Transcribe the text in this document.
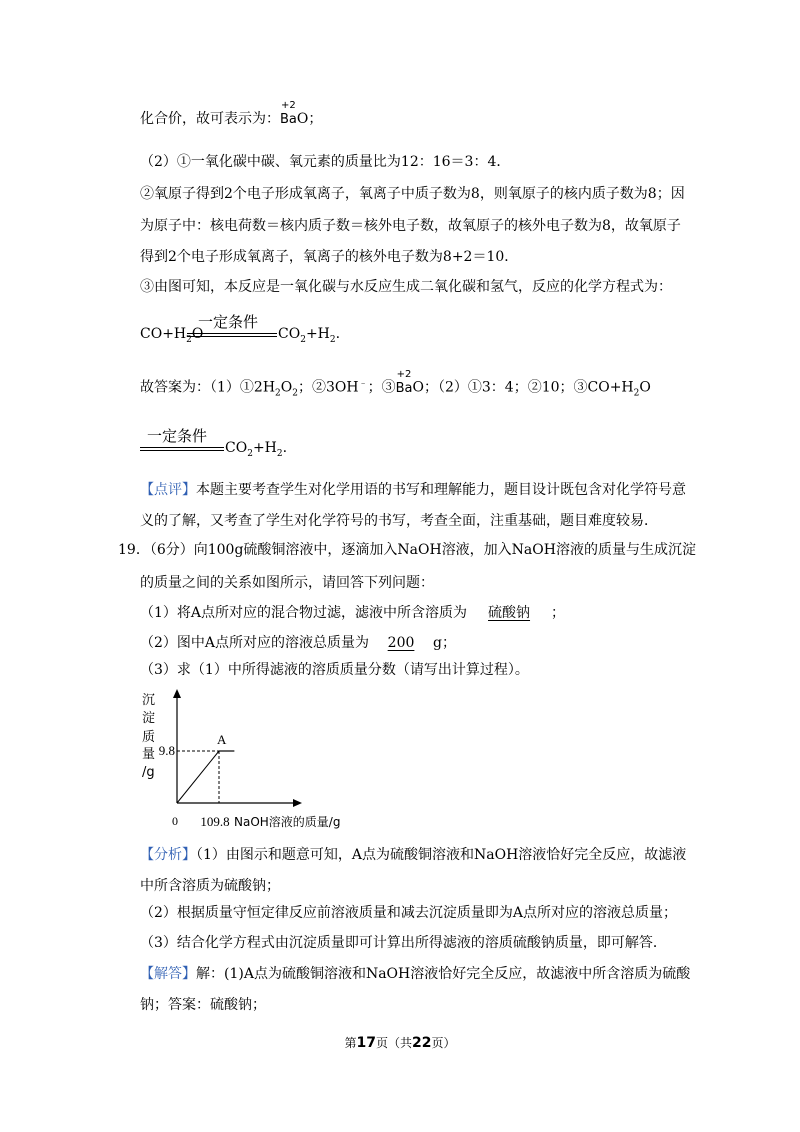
化合价，故可表示为：
+2
BaO；
（2）①一氧化碳中碳、氧元素的质量比为12：16＝3：4．
②氧原子得到2个电子形成氧离子，氧离子中质子数为8，则氧原子的核内质子数为8；因
为原子中：核电荷数＝核内质子数＝核外电子数，故氧原子的核外电子数为8，故氧原子
得到2个电子形成氧离子，氧离子的核外电子数为8+2＝10．
③由图可知，本反应是一氧化碳与水反应生成二氧化碳和氢气，反应的化学方程式为：
一定条件
$CO+H_2O$	$CO_2+H_2$.
故答案为：$(1)①2H_2O_2$；②3OH﹣；③
+2
BaO；（2）①3：4；②10；$③CO+H_2O$
一定条件
$CO_2+H_2$.
【点评】本题主要考查学生对化学用语的书写和理解能力，题目设计既包含对化学符号意
义的了解，又考查了学生对化学符号的书写，考查全面，注重基础，题目难度较易．
19．（6分）向100g硫酸铜溶液中，逐滴加入NaOH溶液，加入NaOH溶液的质量与生成沉淀
的质量之间的关系如图所示，请回答下列问题：
（1）将A点所对应的混合物过滤，滤液中所含溶质为 硫酸钠 ；
（2）图中A点所对应的溶液总质量为 200 g；
（3）求（1）中所得滤液的溶质质量分数（请写出计算过程）。
沉
淀
质
量
/g
A
9.8
0 109.8 NaOH溶液的质量/g
【分析】（1）由图示和题意可知，A点为硫酸铜溶液和NaOH溶液恰好完全反应，故滤液
中所含溶质为硫酸钠；
（2）根据质量守恒定律反应前溶液质量和减去沉淀质量即为A点所对应的溶液总质量；
（3）结合化学方程式由沉淀质量即可计算出所得滤液的溶质硫酸钠质量，即可解答．
【解答】解：(1)A点为硫酸铜溶液和NaOH溶液恰好完全反应，故滤液中所含溶质为硫酸
钠；答案：硫酸钠；
第17页（共22页）
